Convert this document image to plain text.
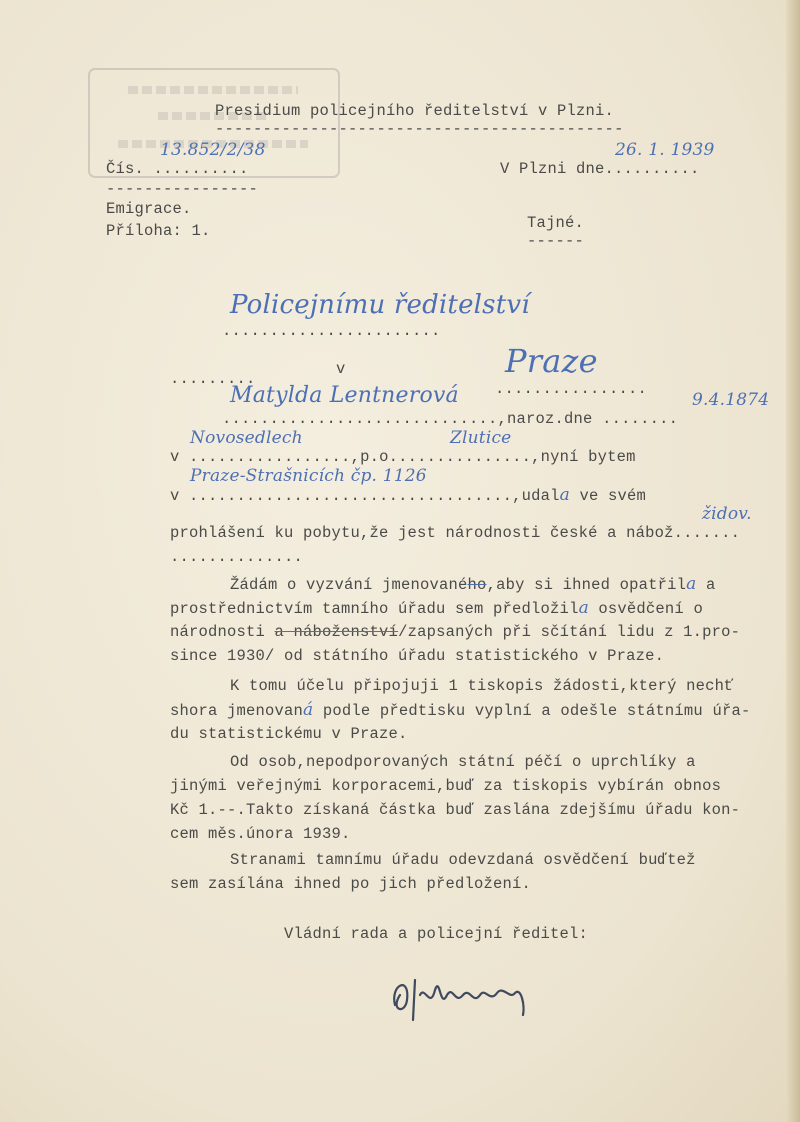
Presidium policejního ředitelství v Plzni.
-------------------------------------------
13.852/2/38
Čís. ..........
----------------
26. 1. 1939
V Plzni dne..........
Emigrace.
Příloha: 1.	Tajné.
------
Policejnímu ředitelství
.......................
.........
v	Praze
................
Matylda Lentnerová	9.4.1874
.............................,naroz.dne ........
Novosedlech	Zlutice
v .................,p.o...............,nyní bytem
Praze-Strašnicích čp. 1126
v ..................................,udala ve svém
židov.
prohlášení ku pobytu,že jest národnosti české a nábož.......
..............
Žádám o vyzvání jmenovaného,aby si ihned opatřila a
prostřednictvím tamního úřadu sem předložila osvědčení o
národnosti a náboženství/zapsaných při sčítání lidu z 1.pro-
since 1930/ od státního úřadu statistického v Praze.
K tomu účelu připojuji 1 tiskopis žádosti,který nechť
shora jmenovaná podle předtisku vyplní a odešle státnímu úřa-
du statistickému v Praze.
Od osob,nepodporovaných státní péčí o uprchlíky a
jinými veřejnými korporacemi,buď za tiskopis vybírán obnos
Kč 1.--.Takto získaná částka buď zaslána zdejšímu úřadu kon-
cem měs.února 1939.
Stranami tamnímu úřadu odevzdaná osvědčení buďtež
sem zasílána ihned po jich předložení.
Vládní rada a policejní ředitel:
